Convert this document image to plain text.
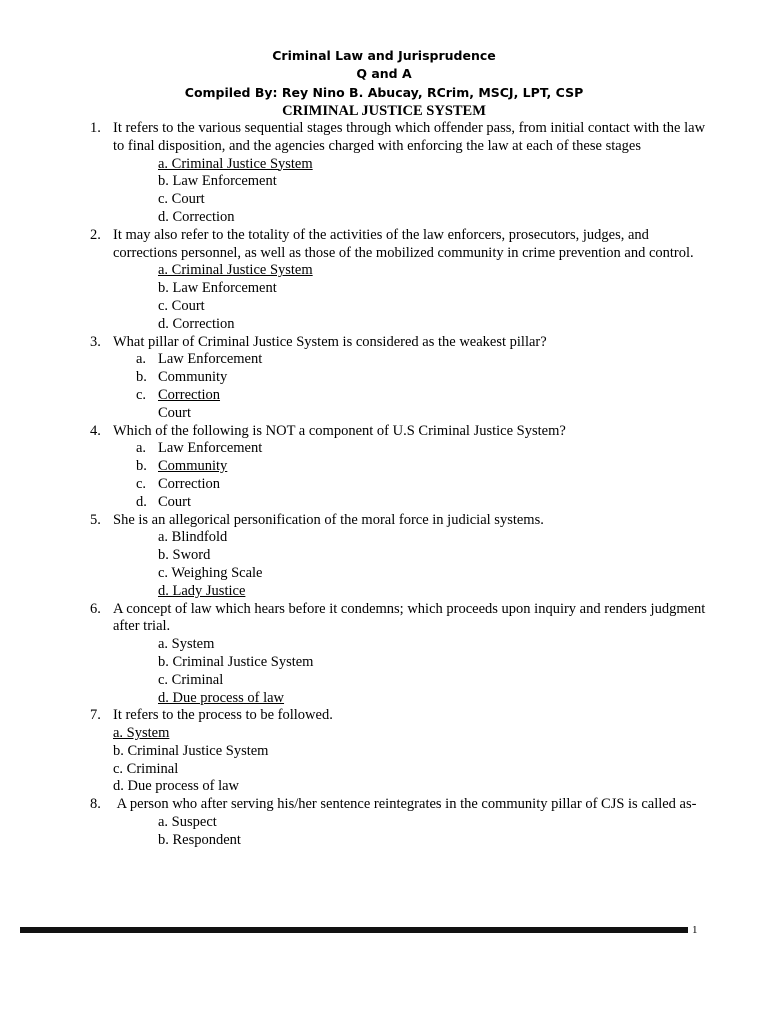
Criminal Law and Jurisprudence
Q and A
Compiled By: Rey Nino B. Abucay, RCrim, MSCJ, LPT, CSP
CRIMINAL JUSTICE SYSTEM
1. It refers to the various sequential stages through which offender pass, from initial contact with the law to final disposition, and the agencies charged with enforcing the law at each of these stages
a. Criminal Justice System
b. Law Enforcement
c. Court
d. Correction
2. It may also refer to the totality of the activities of the law enforcers, prosecutors, judges, and corrections personnel, as well as those of the mobilized community in crime prevention and control.
a. Criminal Justice System
b. Law Enforcement
c. Court
d. Correction
3. What pillar of Criminal Justice System is considered as the weakest pillar?
a. Law Enforcement
b. Community
c. Correction
Court
4. Which of the following is NOT a component of U.S Criminal Justice System?
a. Law Enforcement
b. Community
c. Correction
d. Court
5. She is an allegorical personification of the moral force in judicial systems.
a. Blindfold
b. Sword
c. Weighing Scale
d. Lady Justice
6. A concept of law which hears before it condemns; which proceeds upon inquiry and renders judgment after trial.
a. System
b. Criminal Justice System
c. Criminal
d. Due process of law
7. It refers to the process to be followed.
a. System
b. Criminal Justice System
c. Criminal
d. Due process of law
8. A person who after serving his/her sentence reintegrates in the community pillar of CJS is called as-
a. Suspect
b. Respondent
1
